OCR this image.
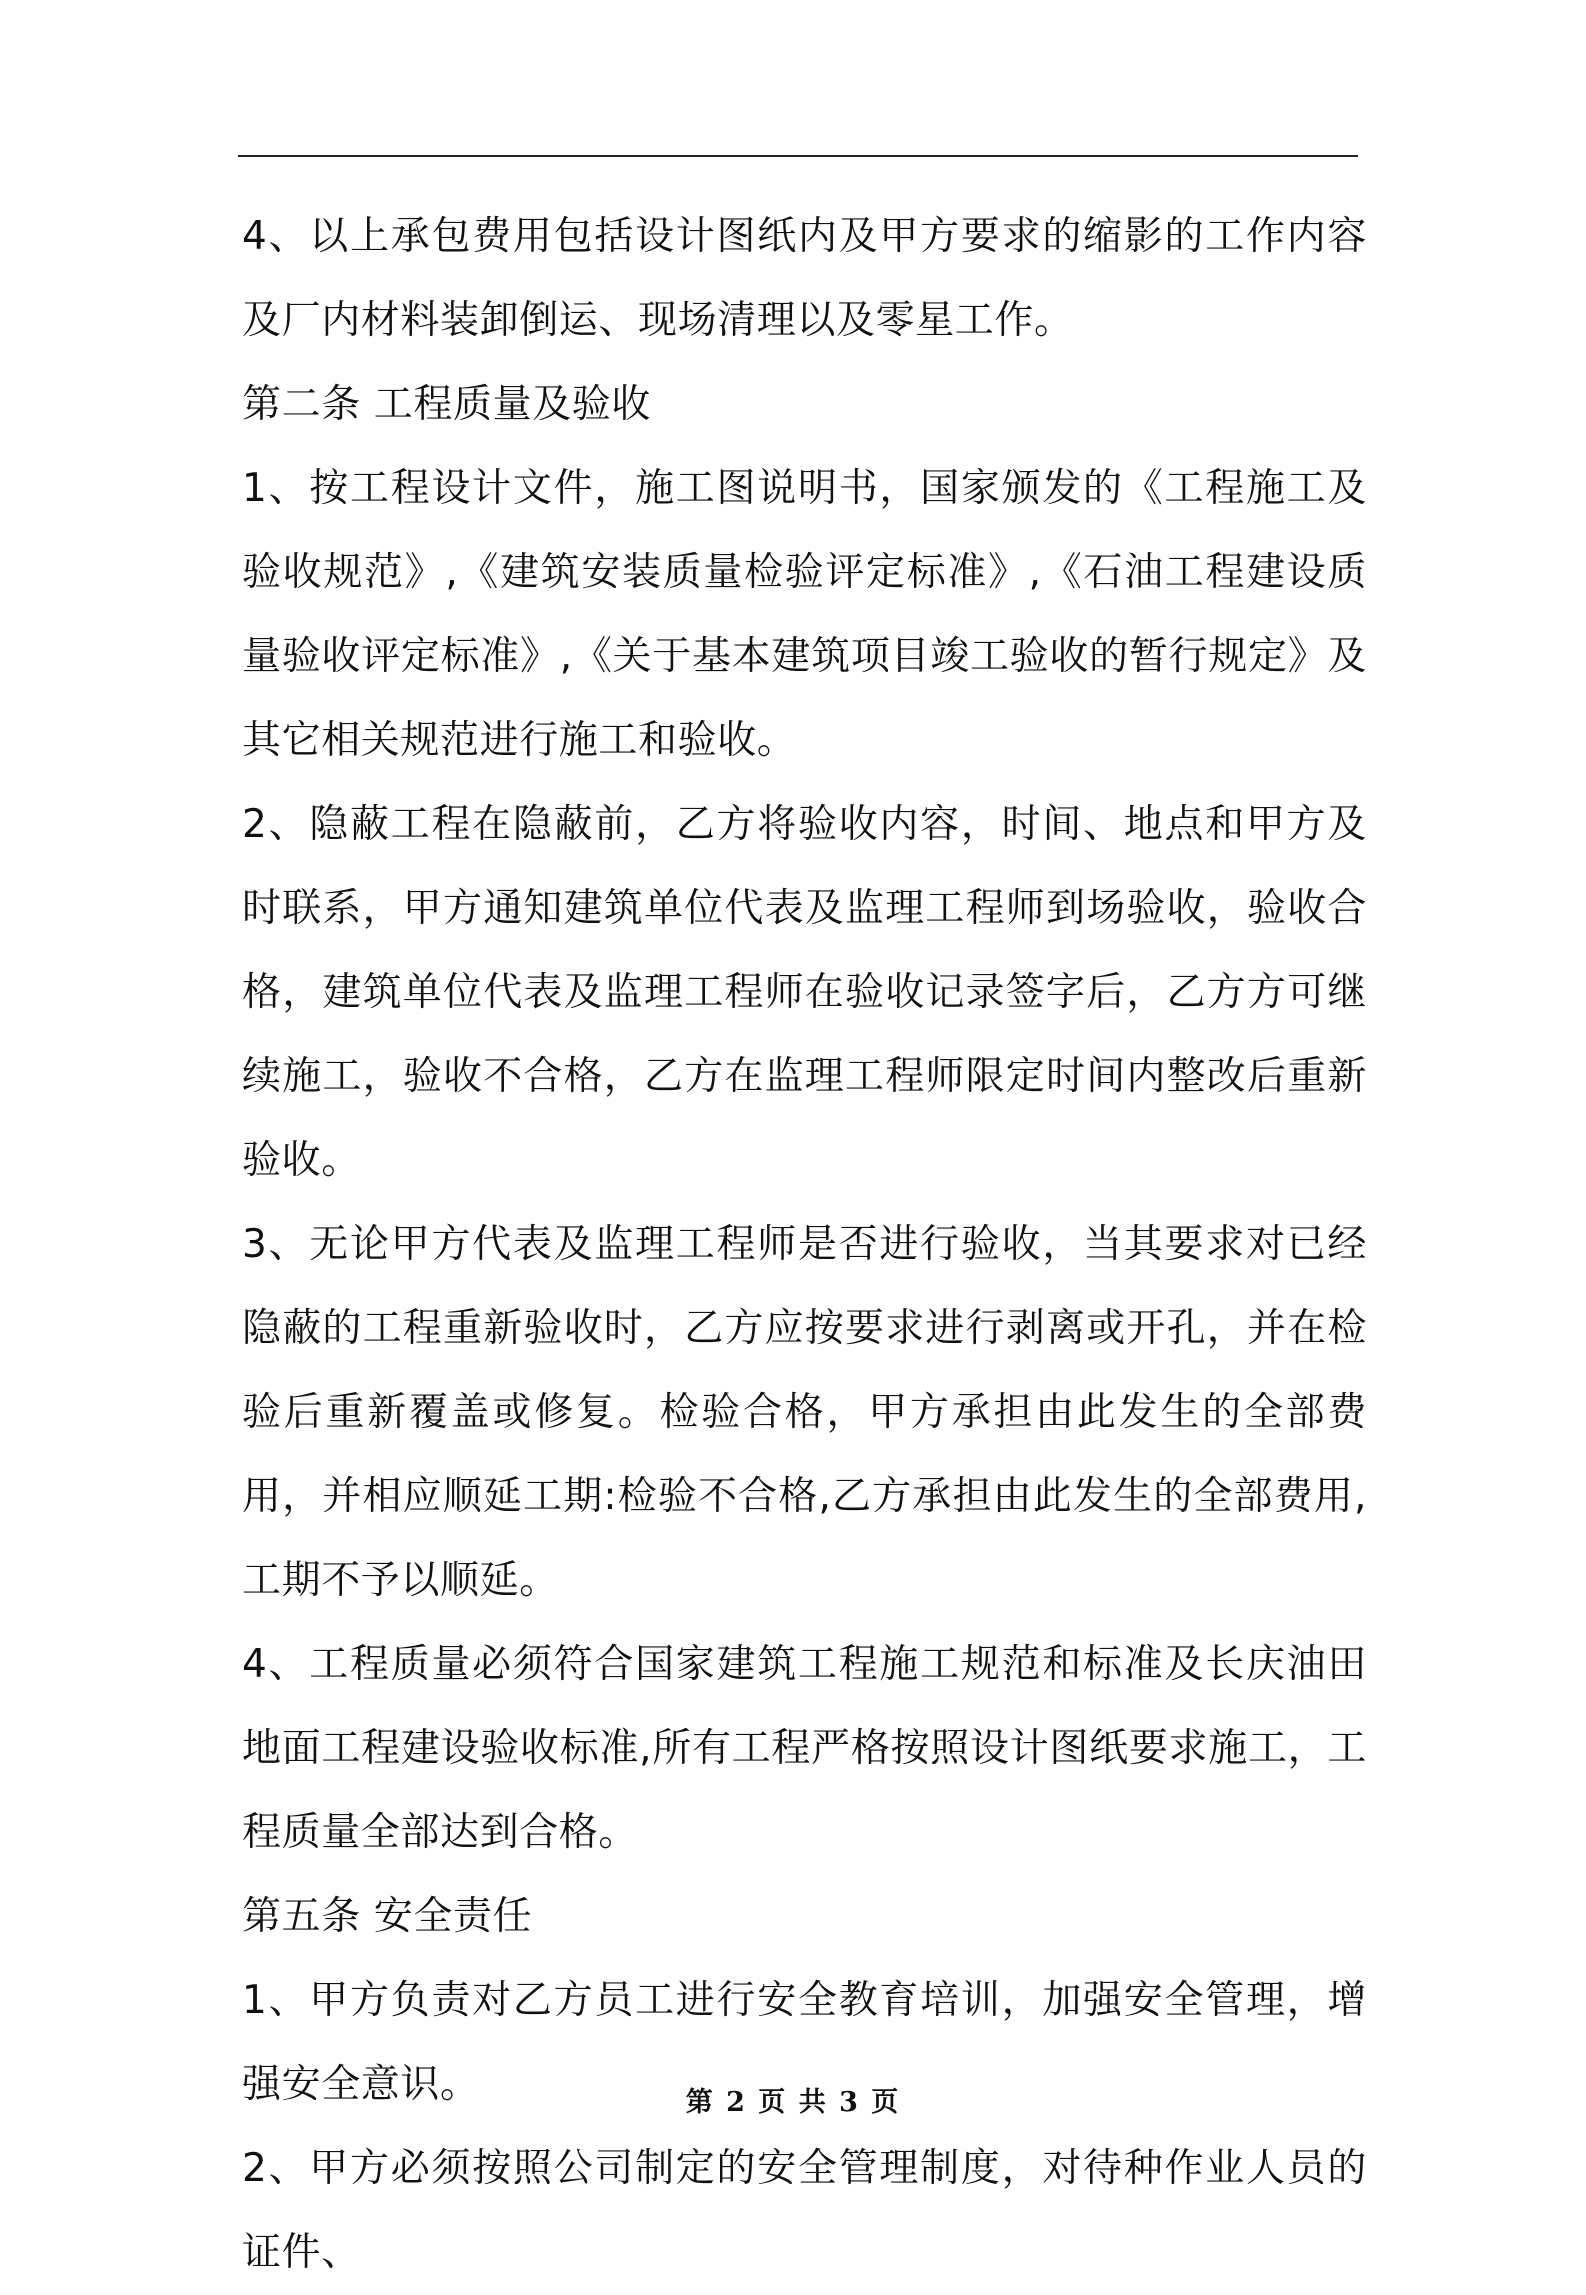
4、以上承包费用包括设计图纸内及甲方要求的缩影的工作内容及厂内材料装卸倒运、现场清理以及零星工作。

第二条 工程质量及验收

1、按工程设计文件，施工图说明书，国家颁发的《工程施工及验收规范》,《建筑安装质量检验评定标准》,《石油工程建设质量验收评定标准》,《关于基本建筑项目竣工验收的暂行规定》及其它相关规范进行施工和验收。

2、隐蔽工程在隐蔽前，乙方将验收内容，时间、地点和甲方及时联系，甲方通知建筑单位代表及监理工程师到场验收，验收合格，建筑单位代表及监理工程师在验收记录签字后，乙方方可继续施工，验收不合格，乙方在监理工程师限定时间内整改后重新验收。

3、无论甲方代表及监理工程师是否进行验收，当其要求对已经隐蔽的工程重新验收时，乙方应按要求进行剥离或开孔，并在检验后重新覆盖或修复。检验合格，甲方承担由此发生的全部费用，并相应顺延工期:检验不合格,乙方承担由此发生的全部费用,工期不予以顺延。

4、工程质量必须符合国家建筑工程施工规范和标准及长庆油田地面工程建设验收标准,所有工程严格按照设计图纸要求施工，工程质量全部达到合格。

第五条 安全责任

1、甲方负责对乙方员工进行安全教育培训，加强安全管理，增强安全意识。

2、甲方必须按照公司制定的安全管理制度，对待种作业人员的证件、

第 2 页 共 3 页
